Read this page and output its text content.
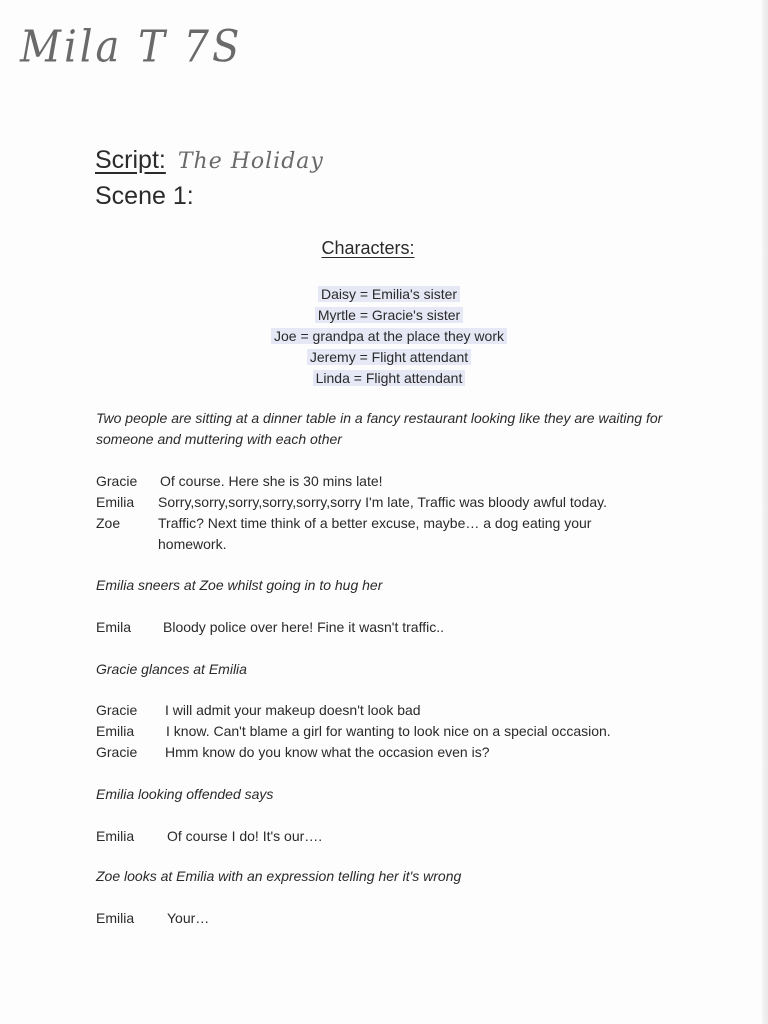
Mila T 7S
Script: The Holiday
Scene 1:
Characters:
Daisy = Emilia's sister
Myrtle = Gracie's sister
Joe = grandpa at the place they work
Jeremy = Flight attendant
Linda = Flight attendant
Two people are sitting at a dinner table in a fancy restaurant looking like they are waiting for someone and muttering with each other
Gracie	Of course. Here she is 30 mins late!
Emilia	Sorry,sorry,sorry,sorry,sorry,sorry I'm late, Traffic was bloody awful today.
Zoe	Traffic? Next time think of a better excuse, maybe… a dog eating your homework.
Emilia sneers at Zoe whilst going in to hug her
Emila	Bloody police over here! Fine it wasn't traffic..
Gracie glances at Emilia
Gracie	I will admit your makeup doesn't look bad
Emilia	I know. Can't blame a girl for wanting to look nice on a special occasion.
Gracie	Hmm know do you know what the occasion even is?
Emilia looking offended says
Emilia	Of course I do! It's our….
Zoe looks at Emilia with an expression telling her it's wrong
Emilia	Your…
